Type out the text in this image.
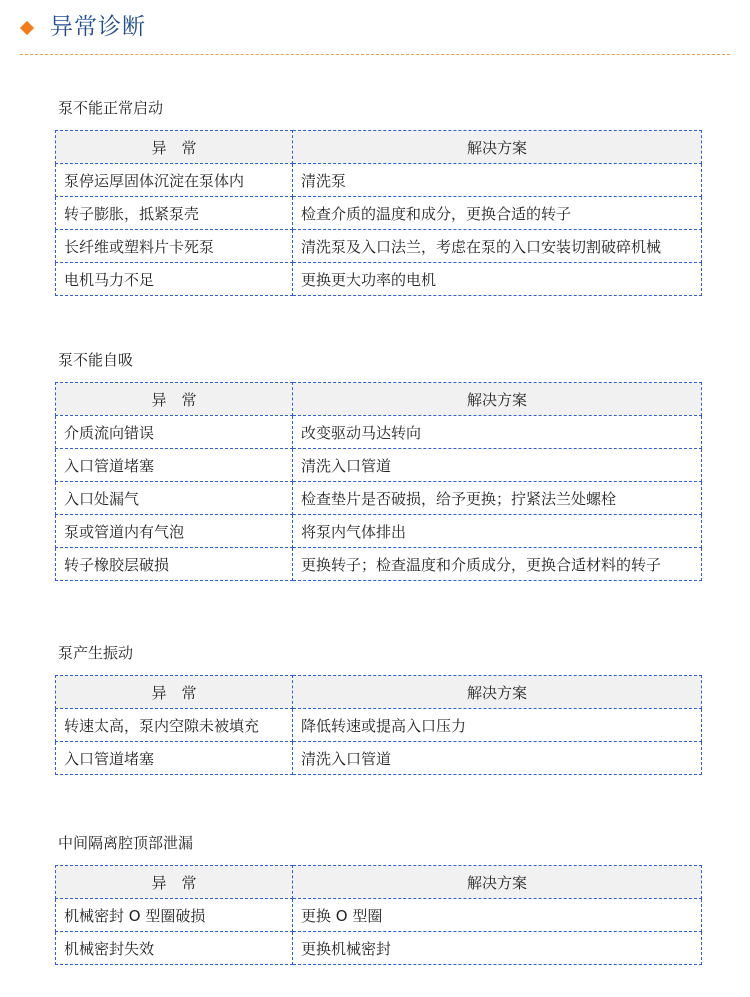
异常诊断
泵不能正常启动
异　常	解决方案
泵停运厚固体沉淀在泵体内	清洗泵
转子膨胀，抵紧泵壳	检查介质的温度和成分，更换合适的转子
长纤维或塑料片卡死泵	清洗泵及入口法兰，考虑在泵的入口安装切割破碎机械
电机马力不足	更换更大功率的电机
泵不能自吸
异　常	解决方案
介质流向错误	改变驱动马达转向
入口管道堵塞	清洗入口管道
入口处漏气	检查垫片是否破损，给予更换；拧紧法兰处螺栓
泵或管道内有气泡	将泵内气体排出
转子橡胶层破损	更换转子；检查温度和介质成分，更换合适材料的转子
泵产生振动
异　常	解决方案
转速太高，泵内空隙未被填充	降低转速或提高入口压力
入口管道堵塞	清洗入口管道
中间隔离腔顶部泄漏
异　常	解决方案
机械密封 O 型圈破损	更换 O 型圈
机械密封失效	更换机械密封
